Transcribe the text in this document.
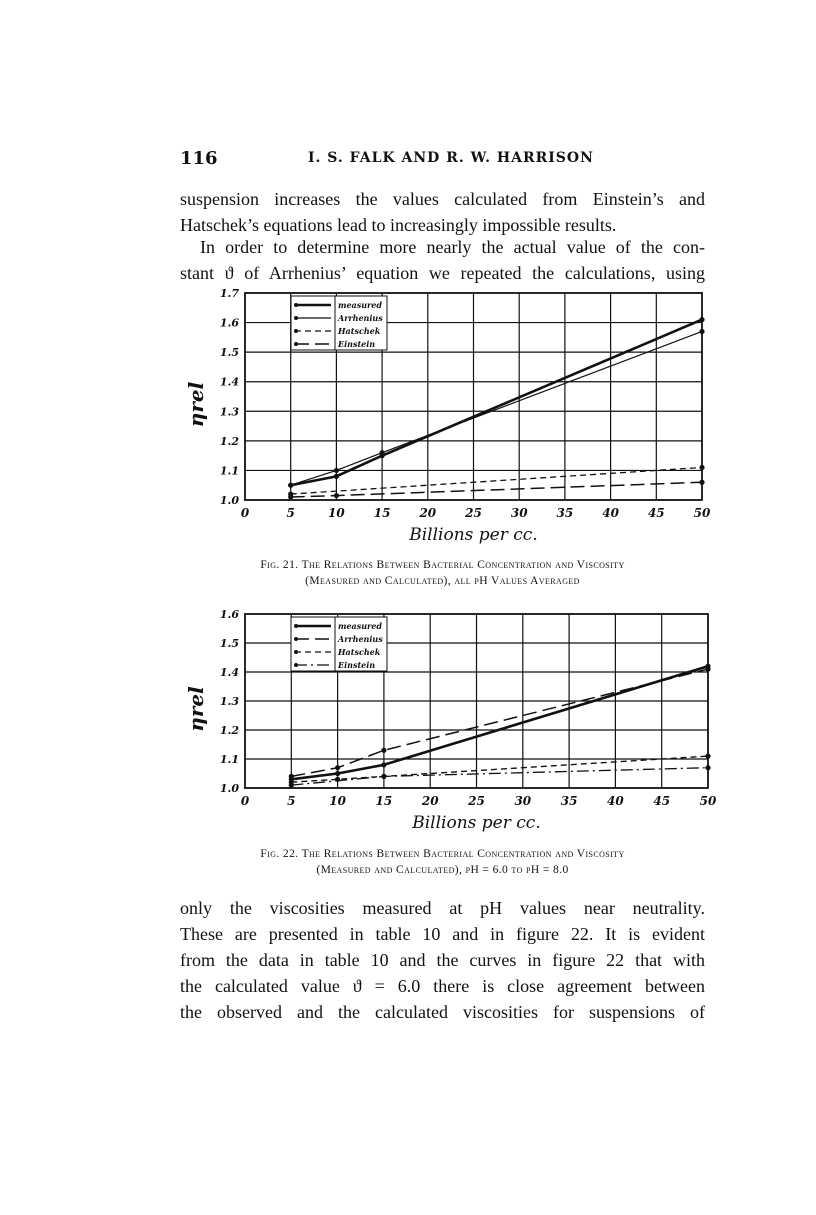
116	I. S. FALK AND R. W. HARRISON
suspension increases the values calculated from Einstein’s and
Hatschek’s equations lead to increasingly impossible results.
In order to determine more nearly the actual value of the con-
stant ϑ of Arrhenius’ equation we repeated the calculations, using
0	5	10 15 20 25 30 35 40 45 50
1.0
1.1
1.2
1.3
1.4
1.5
1.6
1.7
ηrel
Billions per cc.
measured
Arrhenius
Hatschek
Einstein
Fig. 21. The Relations Between Bacterial Concentration and Viscosity
(Measured and Calculated), all pH Values Averaged
0	5	10 15 20 25 30 35 40 45 50
1.0
1.1
1.2
1.3
1.4
1.5
1.6
ηrel
Billions per cc.
measured
Arrhenius
Hatschek
Einstein
Fig. 22. The Relations Between Bacterial Concentration and Viscosity
(Measured and Calculated), pH = 6.0 to pH = 8.0
only the viscosities measured at pH values near neutrality.
These are presented in table 10 and in figure 22. It is evident
from the data in table 10 and the curves in figure 22 that with
the calculated value ϑ = 6.0 there is close agreement between
the observed and the calculated viscosities for suspensions of
